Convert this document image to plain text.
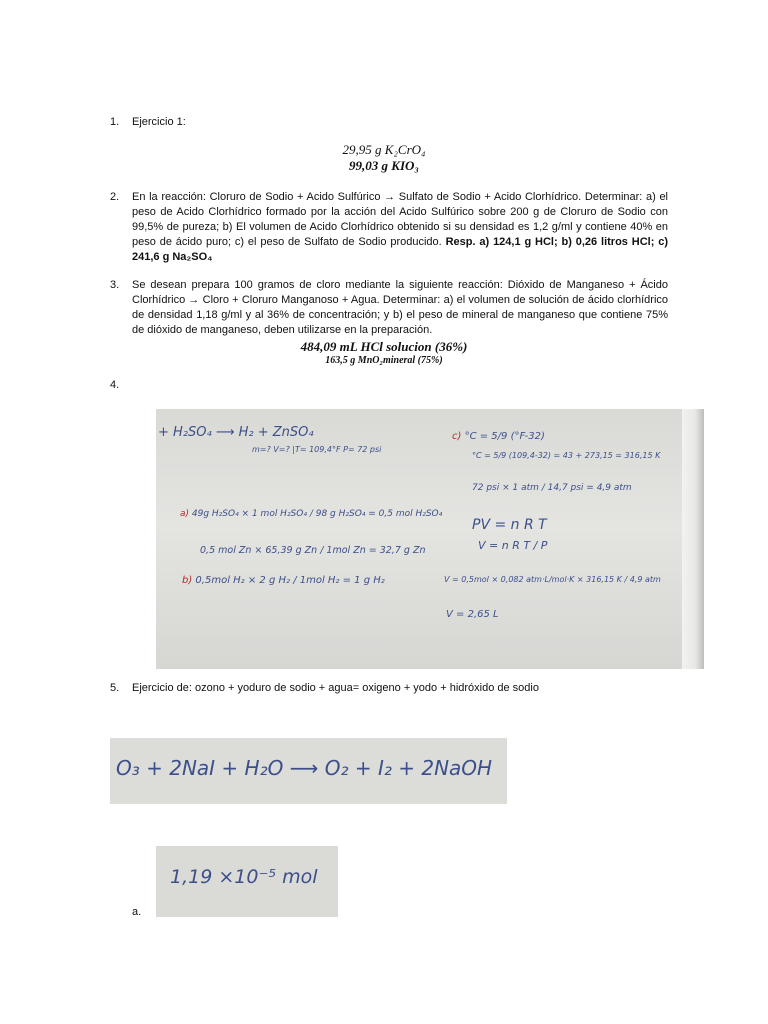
1.	Ejercicio 1:
29,95 g K₂CrO₄
99,03 g KIO₃
2.	En la reacción: Cloruro de Sodio + Acido Sulfúrico → Sulfato de Sodio + Acido Clorhídrico. Determinar: a) el peso de Acido Clorhídrico formado por la acción del Acido Sulfúrico sobre 200 g de Cloruro de Sodio con 99,5% de pureza; b) El volumen de Acido Clorhídrico obtenido si su densidad es 1,2 g/ml y contiene 40% en peso de ácido puro; c) el peso de Sulfato de Sodio producido. Resp. a) 124,1 g HCl; b) 0,26 litros HCl; c) 241,6 g Na₂SO₄
3.	Se desean prepara 100 gramos de cloro mediante la siguiente reacción: Dióxido de Manganeso + Ácido Clorhídrico → Cloro + Cloruro Manganoso + Agua. Determinar: a) el volumen de solución de ácido clorhídrico de densidad 1,18 g/ml y al 36% de concentración; y b) el peso de mineral de manganeso que contiene 75% de dióxido de manganeso, deben utilizarse en la preparación.
484,09 mL HCl solucion (36%)
163,5 g MnO₂mineral (75%)
4.
+ H₂SO₄ ⟶ H₂ + ZnSO₄
m=? V=? |T= 109,4°F P= 72 psi
a) 49g H₂SO₄ × 1 mol H₂SO₄ / 98 g H₂SO₄ = 0,5 mol H₂SO₄
0,5 mol Zn × 65,39 g Zn / 1mol Zn = 32,7 g Zn
b) 0,5mol H₂ × 2 g H₂ / 1mol H₂ = 1 g H₂
c) °C = 5/9 (°F-32)
°C = 5/9 (109,4-32) = 43 + 273,15 = 316,15 K
72 psi × 1 atm / 14,7 psi = 4,9 atm
PV = n R T
V = n R T / P
V = 0,5mol × 0,082 atm·L/mol·K × 316,15 K / 4,9 atm
V = 2,65 L
5.	Ejercicio de: ozono + yoduro de sodio + agua= oxigeno + yodo + hidróxido de sodio
O₃ + 2NaI + H₂O ⟶ O₂ + I₂ + 2NaOH
1,19 ×10⁻⁵ mol
a.
